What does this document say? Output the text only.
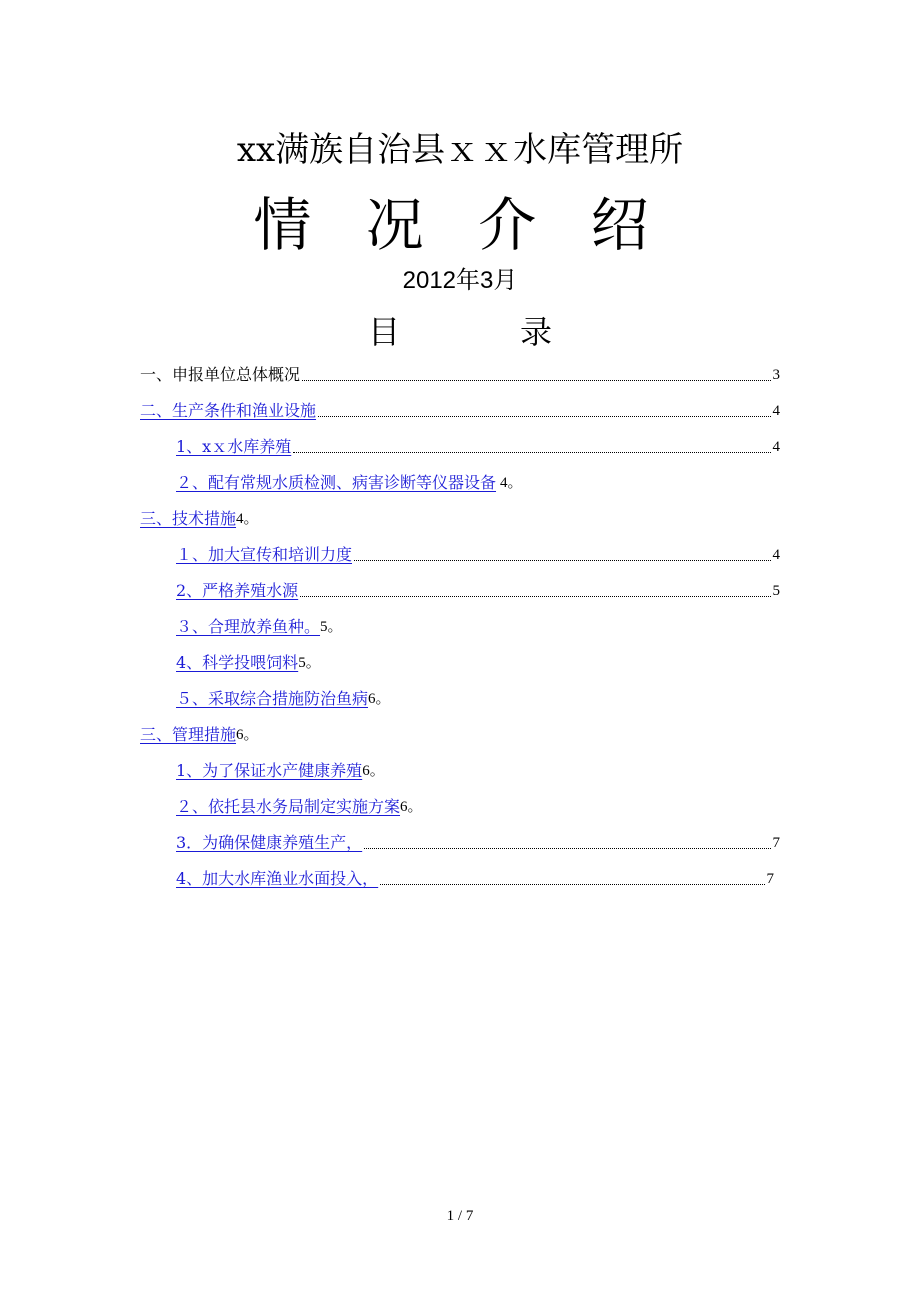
xx满族自治县ｘｘ水库管理所
情 况 介 绍
2012年3月
目	录
一、申报单位总体概况	3
二、生产条件和渔业设施	4
1、xｘ水库养殖	4
２、配有常规水质检测、病害诊断等仪器设备 4。
三、技术措施 4。
１、加大宣传和培训力度	4
2、严格养殖水源	5
３、合理放养鱼种。 5。
4、科学投喂饲料 5。
５、采取综合措施防治鱼病 6。
三、管理措施 6。
1、为了保证水产健康养殖 6。
２、依托县水务局制定实施方案 6。
3．为确保健康养殖生产，	7
4、加大水库渔业水面投入，	7
1 / 7
